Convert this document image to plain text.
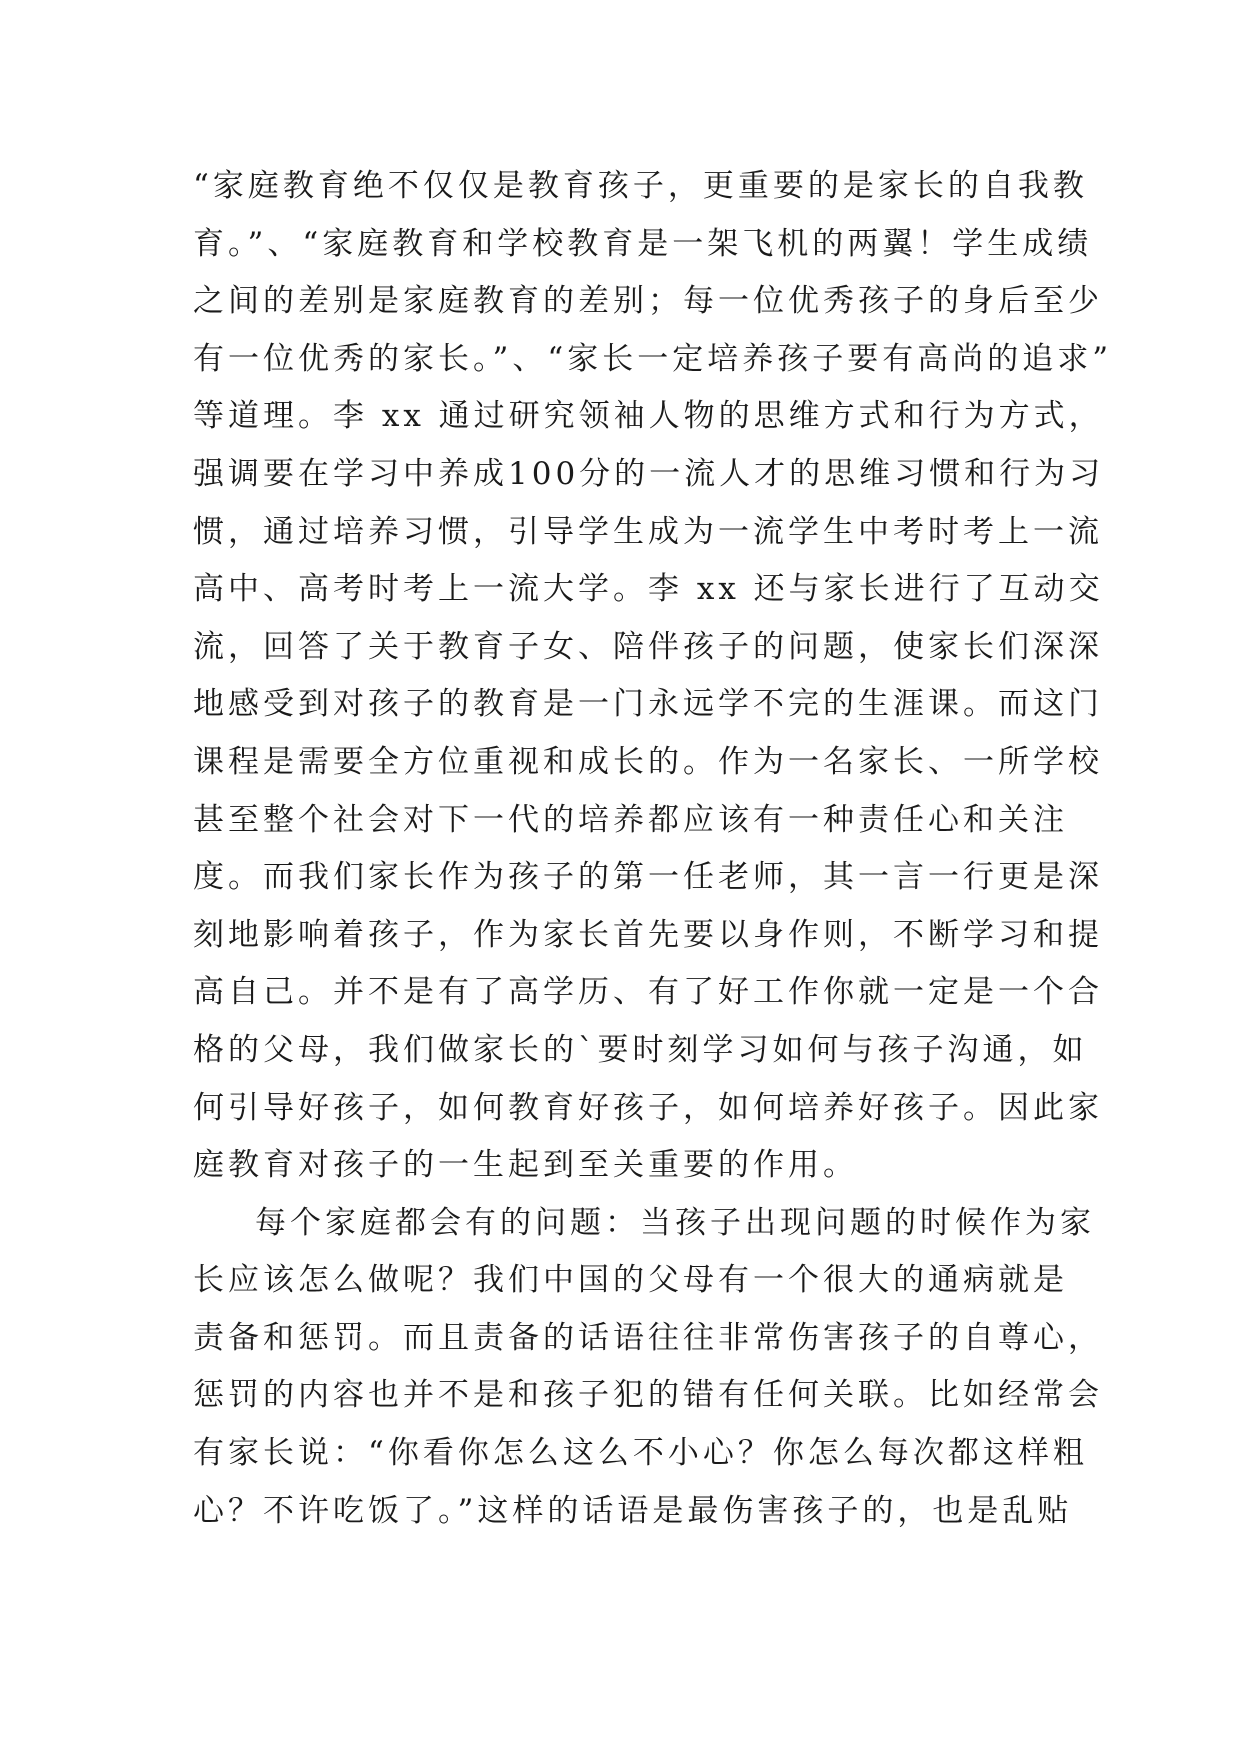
“家庭教育绝不仅仅是教育孩子，更重要的是家长的自我教
育。”、“家庭教育和学校教育是一架飞机的两翼！学生成绩
之间的差别是家庭教育的差别；每一位优秀孩子的身后至少
有一位优秀的家长。”、“家长一定培养孩子要有高尚的追求”
等道理。李 xx 通过研究领袖人物的思维方式和行为方式，
强调要在学习中养成100分的一流人才的思维习惯和行为习
惯，通过培养习惯，引导学生成为一流学生中考时考上一流
高中、高考时考上一流大学。李 xx 还与家长进行了互动交
流，回答了关于教育子女、陪伴孩子的问题，使家长们深深
地感受到对孩子的教育是一门永远学不完的生涯课。而这门
课程是需要全方位重视和成长的。作为一名家长、一所学校
甚至整个社会对下一代的培养都应该有一种责任心和关注
度。而我们家长作为孩子的第一任老师，其一言一行更是深
刻地影响着孩子，作为家长首先要以身作则，不断学习和提
高自己。并不是有了高学历、有了好工作你就一定是一个合
格的父母，我们做家长的`要时刻学习如何与孩子沟通，如
何引导好孩子，如何教育好孩子，如何培养好孩子。因此家
庭教育对孩子的一生起到至关重要的作用。
每个家庭都会有的问题：当孩子出现问题的时候作为家
长应该怎么做呢？我们中国的父母有一个很大的通病就是
责备和惩罚。而且责备的话语往往非常伤害孩子的自尊心，
惩罚的内容也并不是和孩子犯的错有任何关联。比如经常会
有家长说：“你看你怎么这么不小心？你怎么每次都这样粗
心？不许吃饭了。”这样的话语是最伤害孩子的，也是乱贴
